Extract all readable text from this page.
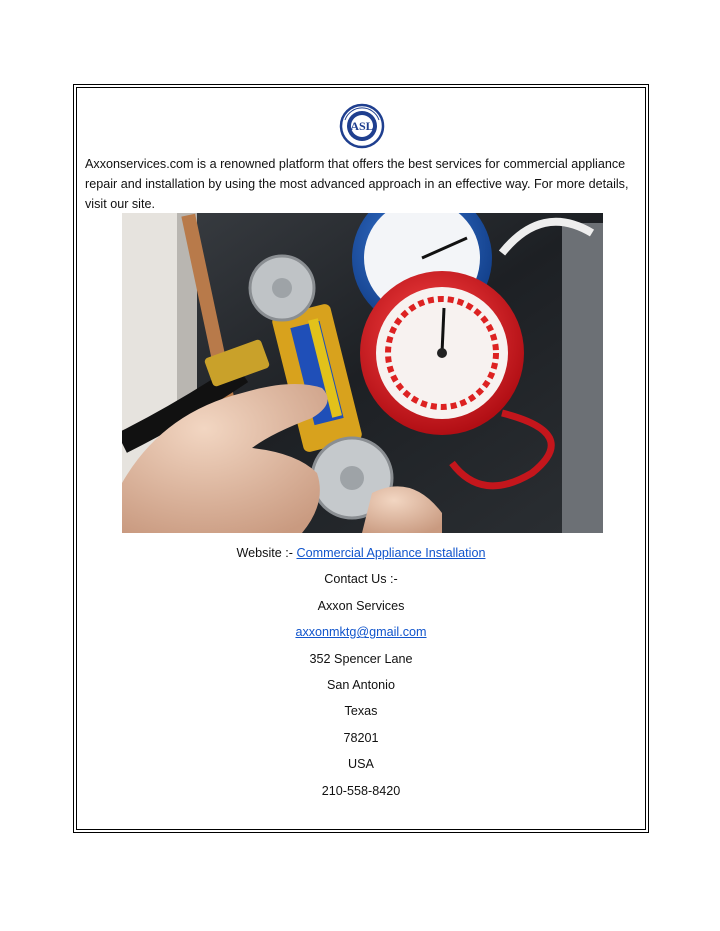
ASL
Axxonservices.com is a renowned platform that offers the best services for commercial appliance repair and installation by using the most advanced approach in an effective way. For more details, visit our site.
Website :- Commercial Appliance Installation
Contact Us :-
Axxon Services
axxonmktg@gmail.com
352 Spencer Lane
San Antonio
Texas
78201
USA
210-558-8420
